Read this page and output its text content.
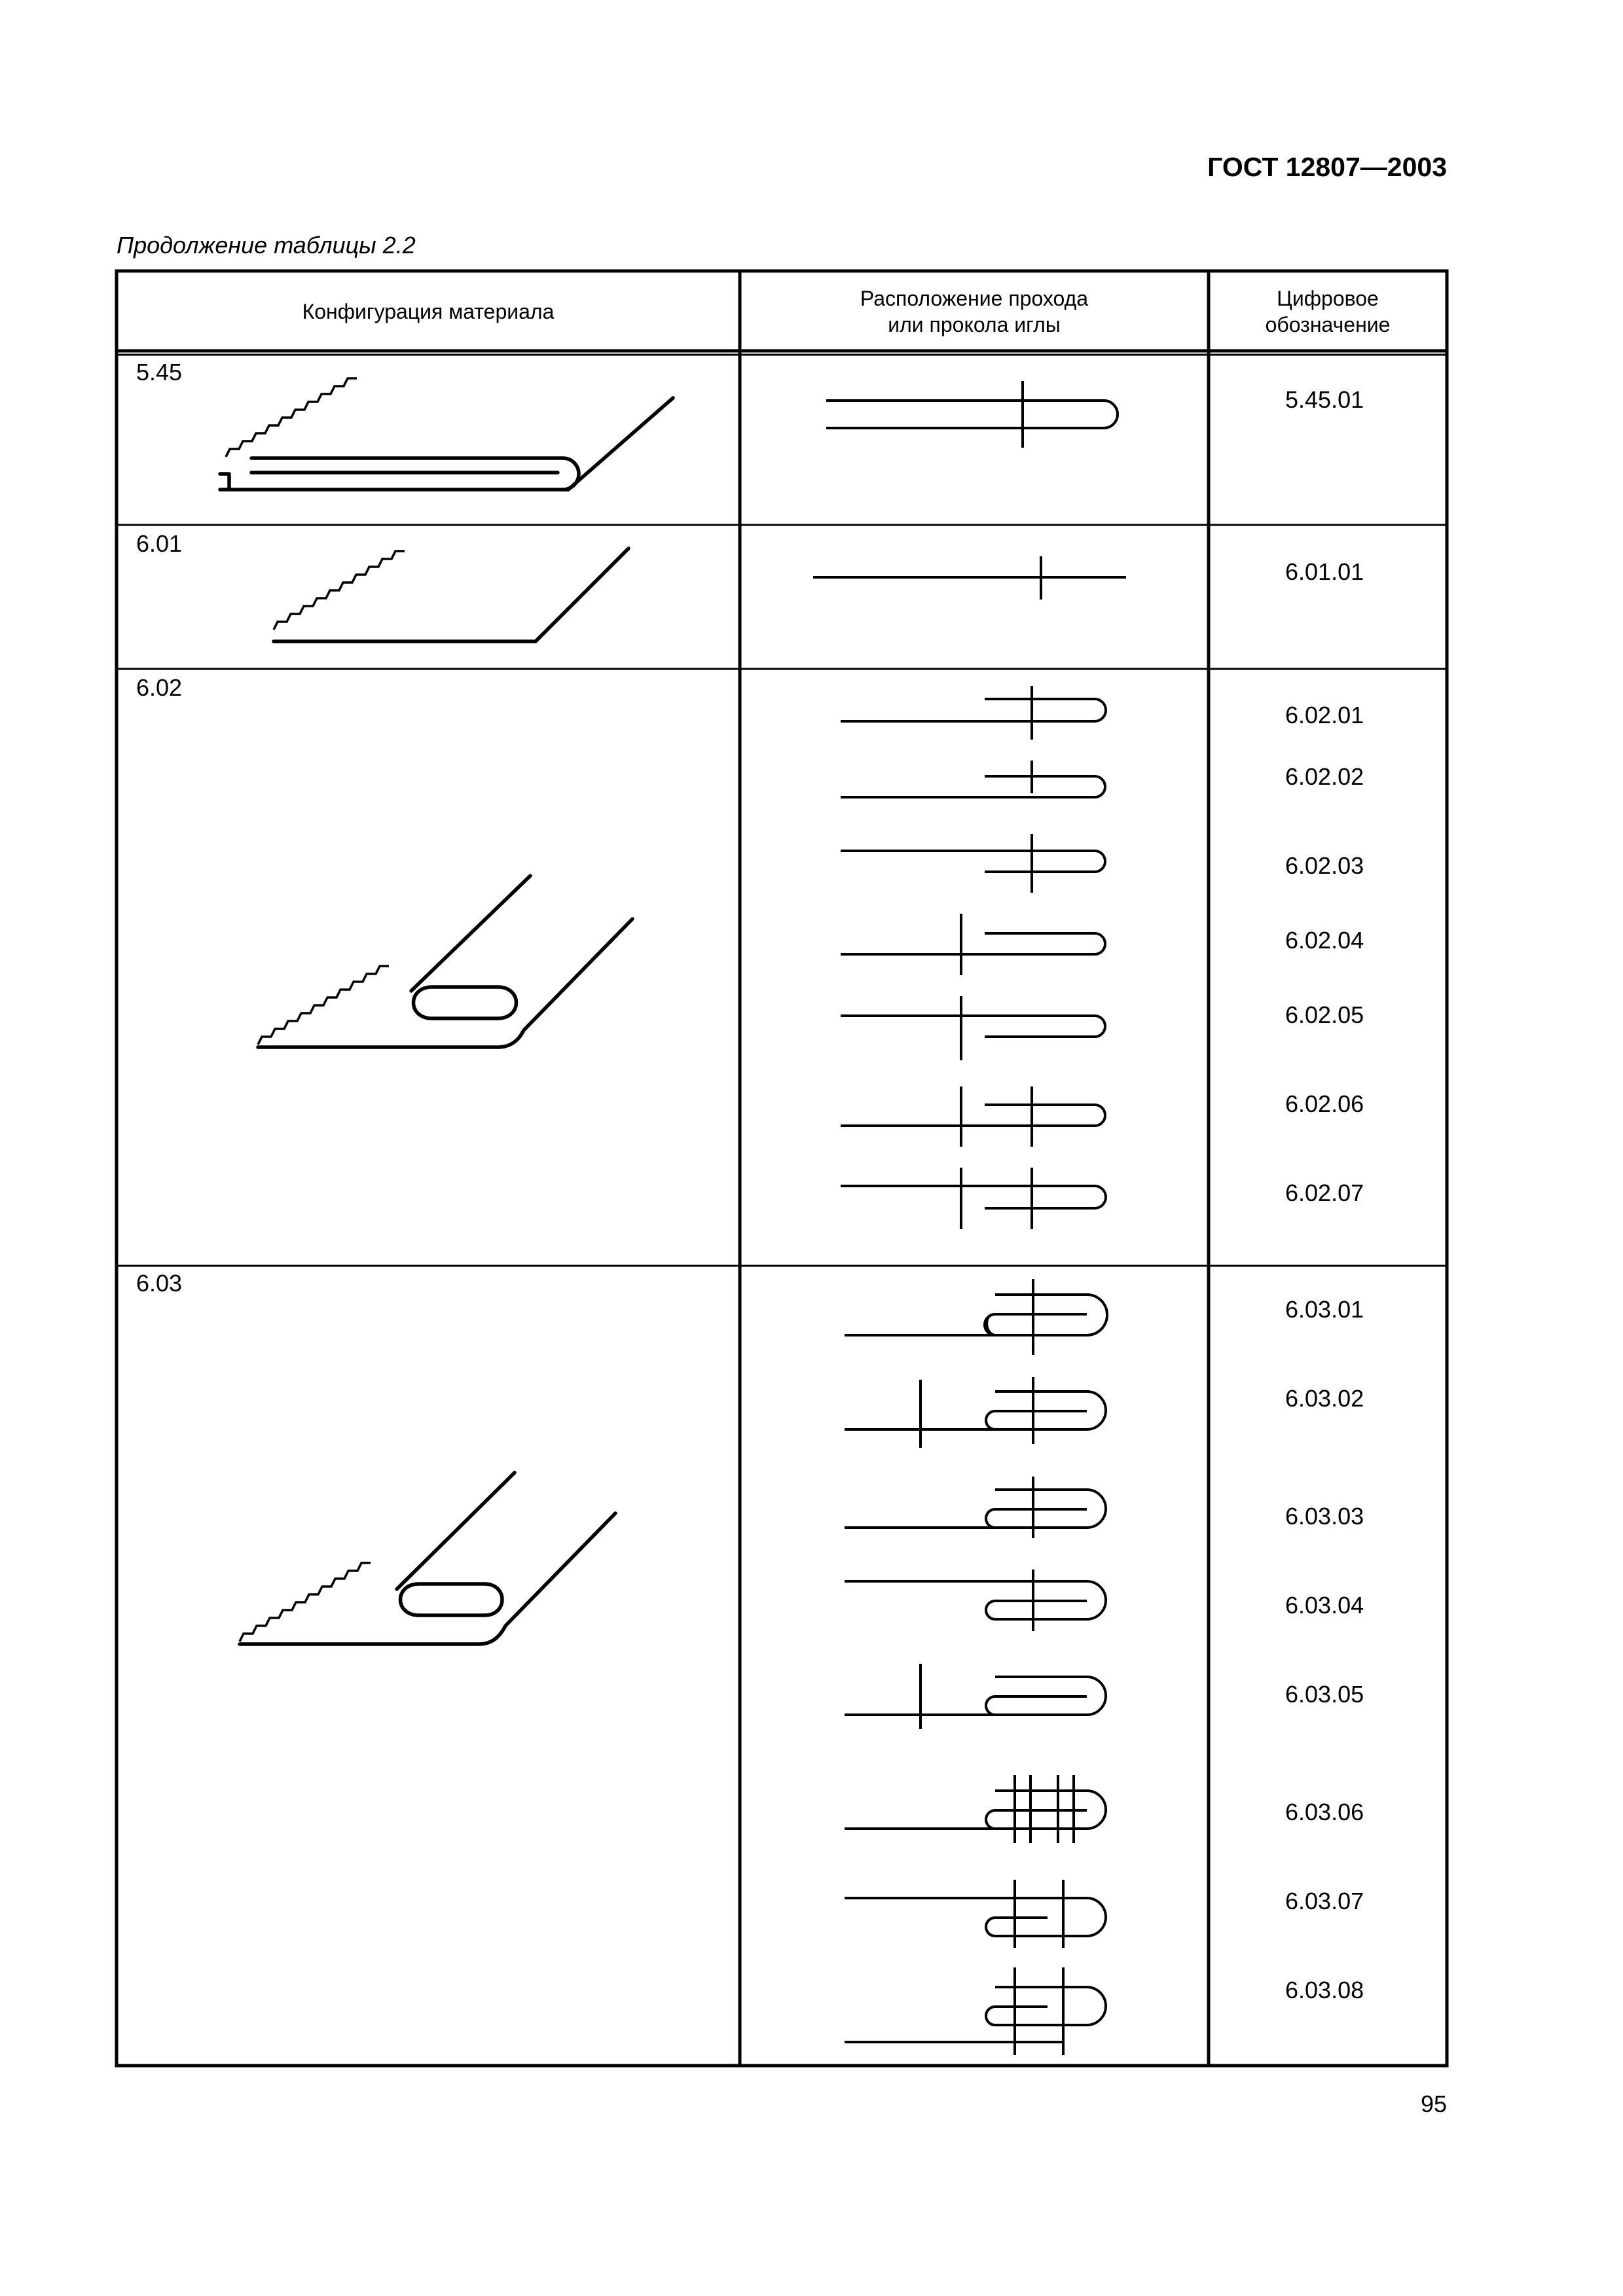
ГОСТ 12807—2003
Продолжение таблицы 2.2
Конфигурация материала
Расположение прохода
или прокола иглы
Цифровое
обозначение
5.45
6.01
6.02
6.03
5.45.01
6.01.01
6.02.01
6.02.02
6.02.03
6.02.04
6.02.05
6.02.06
6.02.07
6.03.01
6.03.02
6.03.03
6.03.04
6.03.05
6.03.06
6.03.07
6.03.08
95
